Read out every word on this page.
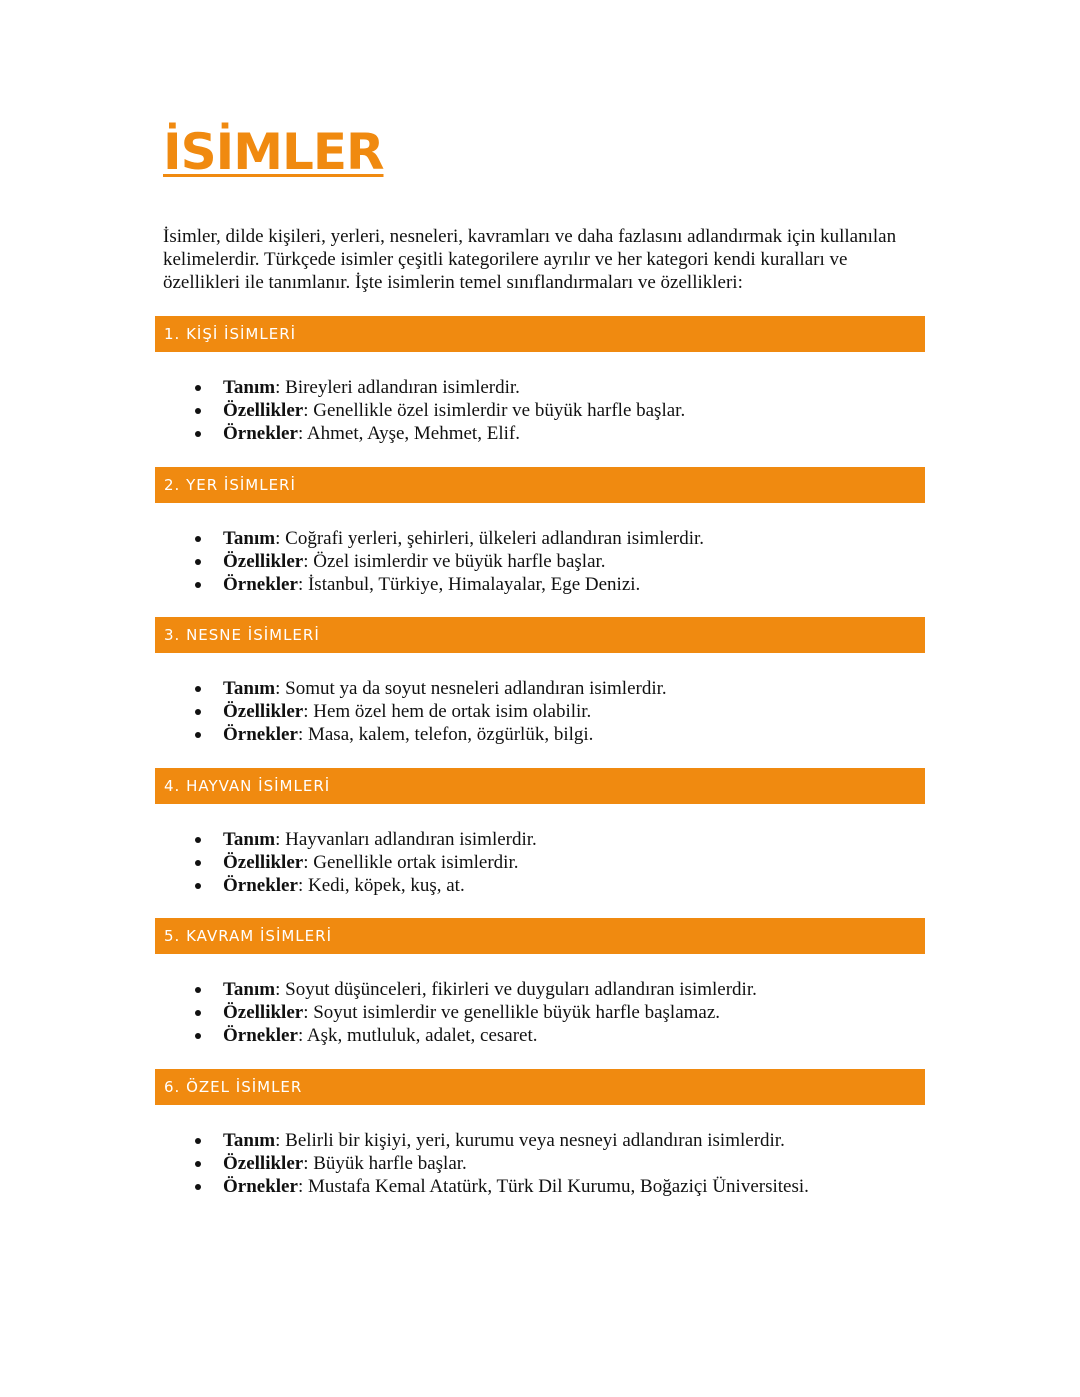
İSİMLER

İsimler, dilde kişileri, yerleri, nesneleri, kavramları ve daha fazlasını adlandırmak için kullanılan kelimelerdir. Türkçede isimler çeşitli kategorilere ayrılır ve her kategori kendi kuralları ve özellikleri ile tanımlanır. İşte isimlerin temel sınıflandırmaları ve özellikleri:

1. KİŞİ İSİMLERİ
Tanım: Bireyleri adlandıran isimlerdir.
Özellikler: Genellikle özel isimlerdir ve büyük harfle başlar.
Örnekler: Ahmet, Ayşe, Mehmet, Elif.
2. YER İSİMLERİ
Tanım: Coğrafi yerleri, şehirleri, ülkeleri adlandıran isimlerdir.
Özellikler: Özel isimlerdir ve büyük harfle başlar.
Örnekler: İstanbul, Türkiye, Himalayalar, Ege Denizi.
3. NESNE İSİMLERİ
Tanım: Somut ya da soyut nesneleri adlandıran isimlerdir.
Özellikler: Hem özel hem de ortak isim olabilir.
Örnekler: Masa, kalem, telefon, özgürlük, bilgi.
4. HAYVAN İSİMLERİ
Tanım: Hayvanları adlandıran isimlerdir.
Özellikler: Genellikle ortak isimlerdir.
Örnekler: Kedi, köpek, kuş, at.
5. KAVRAM İSİMLERİ
Tanım: Soyut düşünceleri, fikirleri ve duyguları adlandıran isimlerdir.
Özellikler: Soyut isimlerdir ve genellikle büyük harfle başlamaz.
Örnekler: Aşk, mutluluk, adalet, cesaret.
6. ÖZEL İSİMLER
Tanım: Belirli bir kişiyi, yeri, kurumu veya nesneyi adlandıran isimlerdir.
Özellikler: Büyük harfle başlar.
Örnekler: Mustafa Kemal Atatürk, Türk Dil Kurumu, Boğaziçi Üniversitesi.
